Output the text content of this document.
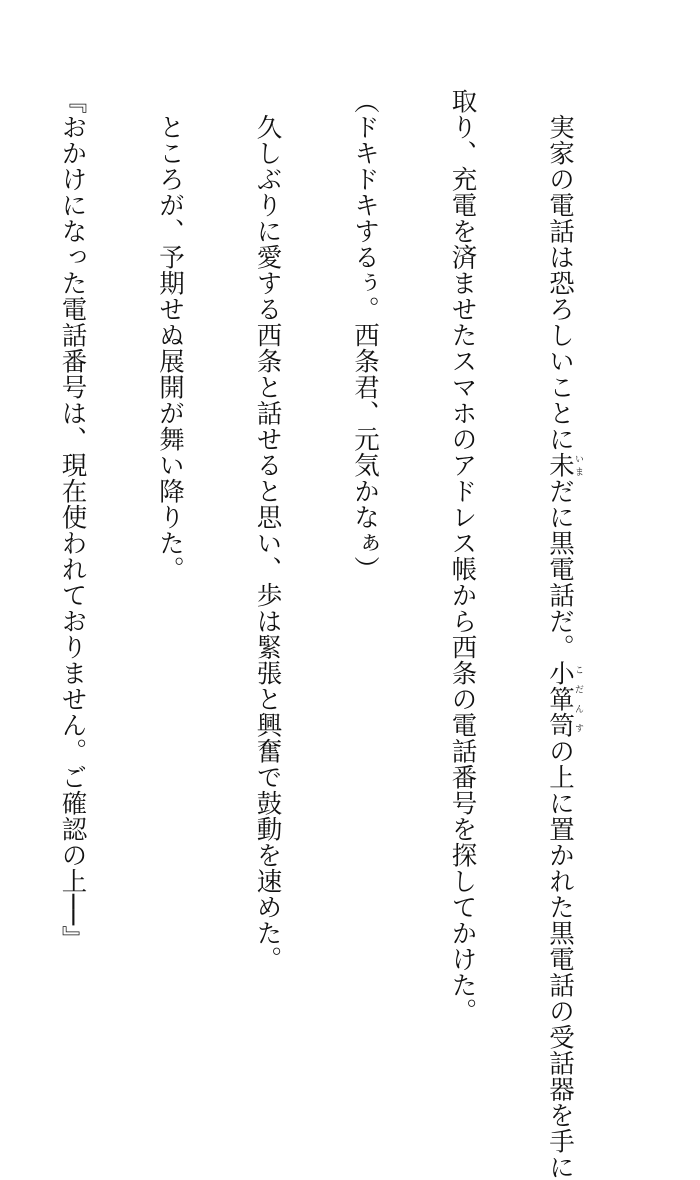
実家の電話は恐ろしいことに未いまだに黒電話だ。小箪笥こだんすの上に置かれた黒電話の受話器を手に

取り、充電を済ませたスマホのアドレス帳から西条の電話番号を探してかけた。

（ドキドキするぅ。西条君、元気かなぁ）

久しぶりに愛する西条と話せると思い、歩は緊張と興奮で鼓動を速めた。

ところが、予期せぬ展開が舞い降りた。

『おかけになった電話番号は、現在使われておりません。ご確認の上──』
